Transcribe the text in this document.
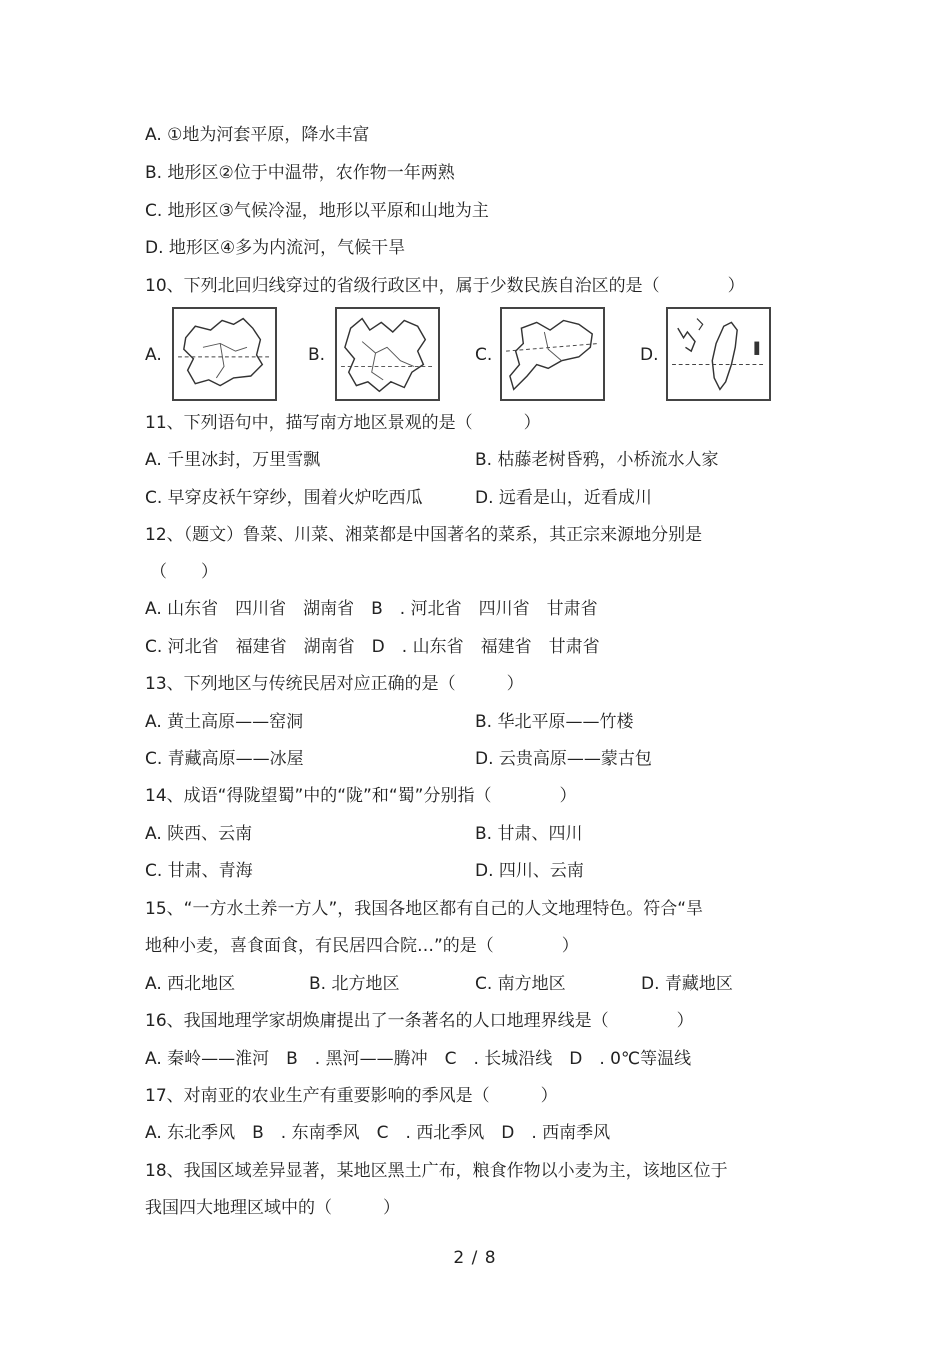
A. ①地为河套平原，降水丰富
B. 地形区②位于中温带，农作物一年两熟
C. 地形区③气候冷湿，地形以平原和山地为主
D. 地形区④多为内流河，气候干旱
10、下列北回归线穿过的省级行政区中，属于少数民族自治区的是（　　　　）
A.	B.	C.	D.
11、下列语句中，描写南方地区景观的是（　　　）
A. 千里冰封，万里雪飘	B. 枯藤老树昏鸦，小桥流水人家
C. 早穿皮袄午穿纱，围着火炉吃西瓜	D. 远看是山，近看成川
12、（题文）鲁菜、川菜、湘菜都是中国著名的菜系，其正宗来源地分别是
（　　）
A. 山东省　四川省　湖南省　B　. 河北省　四川省　甘肃省
C. 河北省　福建省　湖南省　D　. 山东省　福建省　甘肃省
13、下列地区与传统民居对应正确的是（　　　）
A. 黄土高原——窑洞	B. 华北平原——竹楼
C. 青藏高原——冰屋	D. 云贵高原——蒙古包
14、成语“得陇望蜀”中的“陇”和“蜀”分别指（　　　　）
A. 陕西、云南	B. 甘肃、四川
C. 甘肃、青海	D. 四川、云南
15、“一方水土养一方人”，我国各地区都有自己的人文地理特色。符合“旱
地种小麦，喜食面食，有民居四合院…”的是（　　　　）
A. 西北地区	B. 北方地区	C. 南方地区	D. 青藏地区
16、我国地理学家胡焕庸提出了一条著名的人口地理界线是（　　　　）
A. 秦岭——淮河　B　. 黑河——腾冲　C　. 长城沿线　D　. 0℃等温线
17、对南亚的农业生产有重要影响的季风是（　　　）
A. 东北季风　B　. 东南季风　C　. 西北季风　D　. 西南季风
18、我国区域差异显著，某地区黑土广布，粮食作物以小麦为主，该地区位于
我国四大地理区域中的（　　　）
2 / 8
